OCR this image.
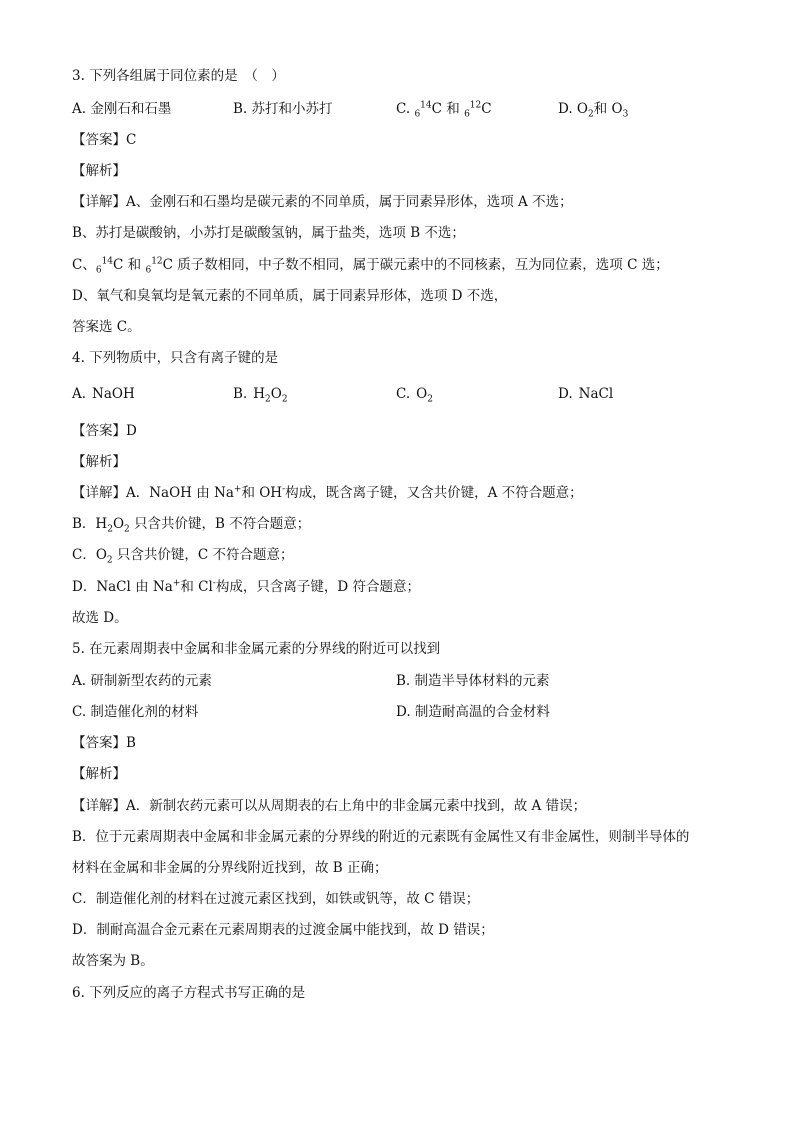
3. 下列各组属于同位素的是　（　）
A. 金刚石和石墨	B. 苏打和小苏打	C. $_6^{14}$C 和 $_6^{12}$C	D. $O_2$和 $O_3$
【答案】C
【解析】
【详解】A、金刚石和石墨均是碳元素的不同单质，属于同素异形体，选项 A 不选；
B、苏打是碳酸钠，小苏打是碳酸氢钠，属于盐类，选项 B 不选；
C、$_6^{14}$C 和 $_6^{12}$C 质子数相同，中子数不相同，属于碳元素中的不同核素，互为同位素，选项 C 选；
D、氧气和臭氧均是氧元素的不同单质，属于同素异形体，选项 D 不选，
答案选 C。
4. 下列物质中，只含有离子键的是
A. NaOH	B. $H_2O_2$	C. $O_2$	D. NaCl
【答案】D
【解析】
【详解】A．NaOH 由 Na+和 OH-构成，既含离子键，又含共价键，A 不符合题意；
B．$H_2O_2$ 只含共价键，B 不符合题意；
C．$O_2$ 只含共价键，C 不符合题意；
D．NaCl 由 Na+和 Cl-构成，只含离子键，D 符合题意；
故选 D。
5. 在元素周期表中金属和非金属元素的分界线的附近可以找到
A. 研制新型农药的元素	B. 制造半导体材料的元素
C. 制造催化剂的材料	D. 制造耐高温的合金材料
【答案】B
【解析】
【详解】A．新制农药元素可以从周期表的右上角中的非金属元素中找到，故 A 错误；
B．位于元素周期表中金属和非金属元素的分界线的附近的元素既有金属性又有非金属性，则制半导体的
材料在金属和非金属的分界线附近找到，故 B 正确；
C．制造催化剂的材料在过渡元素区找到，如铁或钒等，故 C 错误；
D．制耐高温合金元素在元素周期表的过渡金属中能找到，故 D 错误；
故答案为 B。
6. 下列反应的离子方程式书写正确的是
